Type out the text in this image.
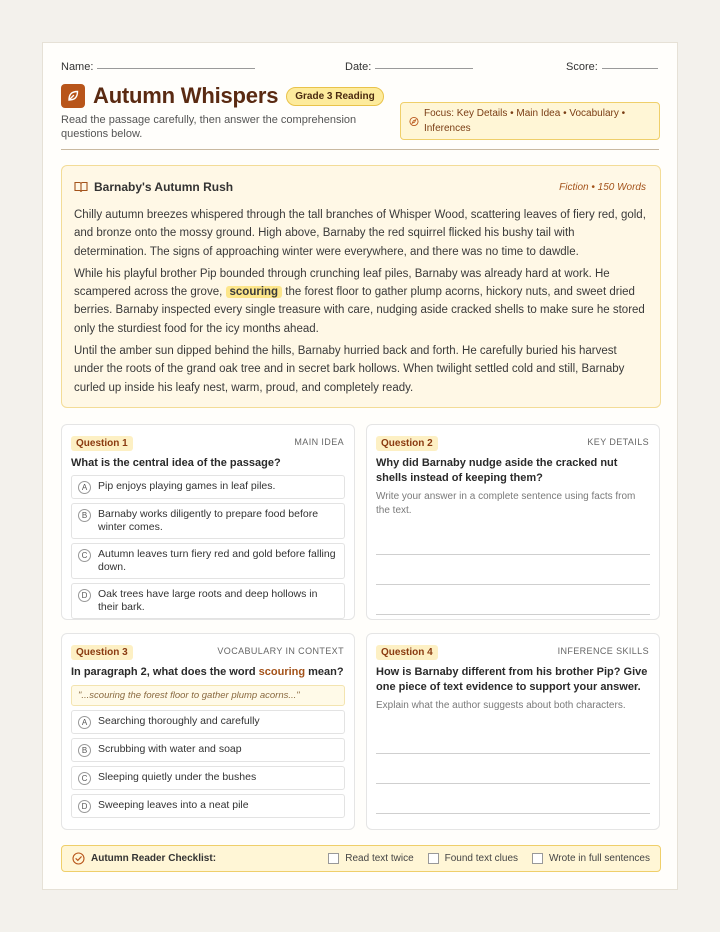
Name:	Date:	Score:
Autumn Whispers	Grade 3 Reading
Read the passage carefully, then answer the comprehension questions below.
Focus: Key Details • Main Idea • Vocabulary • Inferences
Barnaby's Autumn Rush	Fiction • 150 Words

Chilly autumn breezes whispered through the tall branches of Whisper Wood, scattering leaves of fiery red, gold, and bronze onto the mossy ground. High above, Barnaby the red squirrel flicked his bushy tail with determination. The signs of approaching winter were everywhere, and there was no time to dawdle.

While his playful brother Pip bounded through crunching leaf piles, Barnaby was already hard at work. He scampered across the grove, scouring the forest floor to gather plump acorns, hickory nuts, and sweet dried berries. Barnaby inspected every single treasure with care, nudging aside cracked shells to make sure he stored only the sturdiest food for the icy months ahead.

Until the amber sun dipped behind the hills, Barnaby hurried back and forth. He carefully buried his harvest under the roots of the grand oak tree and in secret bark hollows. When twilight settled cold and still, Barnaby curled up inside his leafy nest, warm, proud, and completely ready.

Question 1	MAIN IDEA
What is the central idea of the passage?
A	Pip enjoys playing games in leaf piles.
B	Barnaby works diligently to prepare food before winter comes.
C	Autumn leaves turn fiery red and gold before falling down.
D	Oak trees have large roots and deep hollows in their bark.
Question 2	KEY DETAILS
Why did Barnaby nudge aside the cracked nut shells instead of keeping them?
Write your answer in a complete sentence using facts from the text.
Question 3	VOCABULARY IN CONTEXT
In paragraph 2, what does the word scouring mean?
"...scouring the forest floor to gather plump acorns..."
A	Searching thoroughly and carefully
B	Scrubbing with water and soap
C	Sleeping quietly under the bushes
D	Sweeping leaves into a neat pile
Question 4	INFERENCE SKILLS
How is Barnaby different from his brother Pip? Give one piece of text evidence to support your answer.
Explain what the author suggests about both characters.
Autumn Reader Checklist:	Read text twice	Found text clues	Wrote in full sentences
